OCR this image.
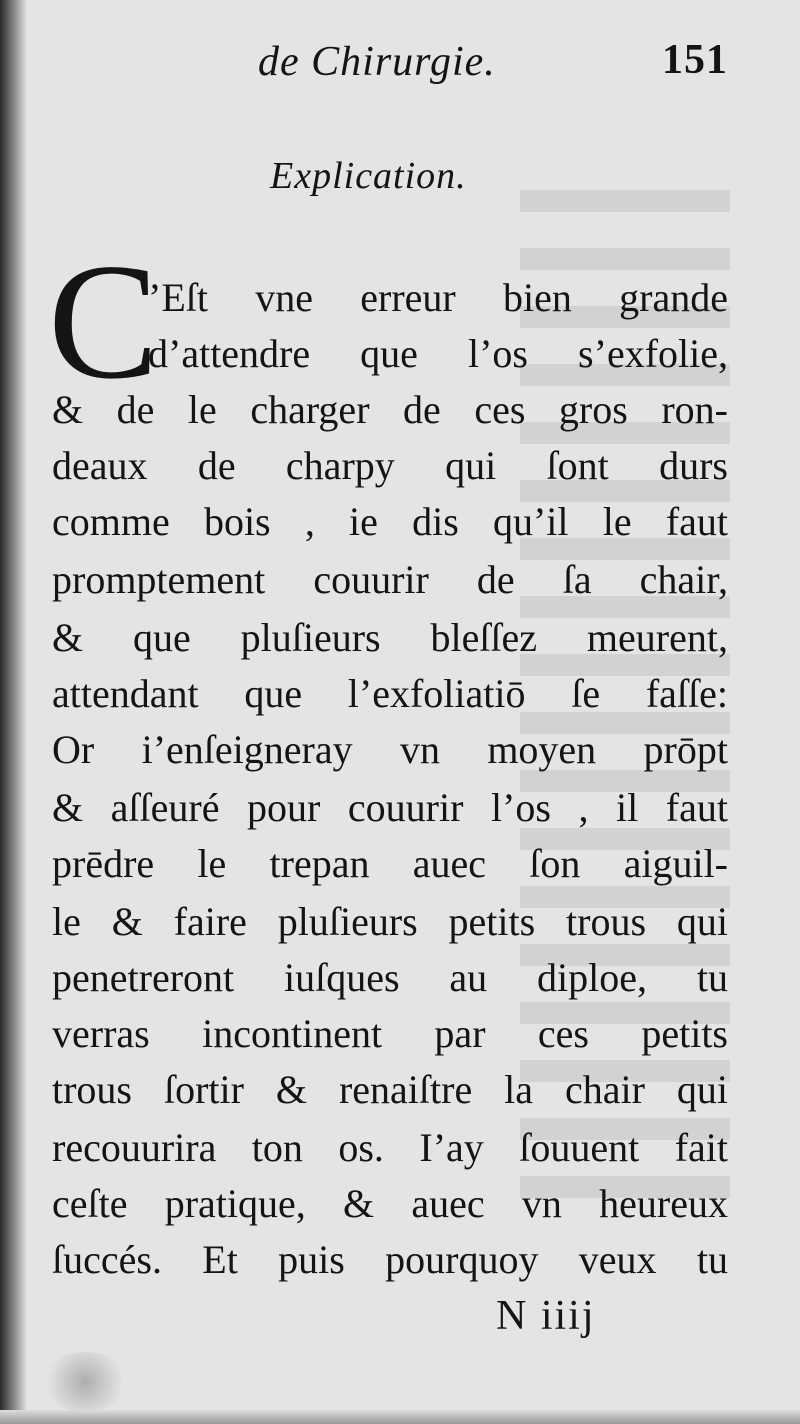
de Chirurgie.	151
Explication.
C
’Eſt vne erreur bien grande
d’attendre que l’os s’exfolie,
& de le charger de ces gros ron-
deaux de charpy qui ſont durs
comme bois , ie dis qu’il le faut
promptement couurir de ſa chair,
& que pluſieurs bleſſez meurent,
attendant que l’exfoliatiō ſe faſſe:
Or i’enſeigneray vn moyen prōpt
& aſſeuré pour couurir l’os , il faut
prēdre le trepan auec ſon aiguil-
le & faire pluſieurs petits trous qui
penetreront iuſques au diploe, tu
verras incontinent par ces petits
trous ſortir & renaiſtre la chair qui
recouurira ton os. I’ay ſouuent fait
ceſte pratique, & auec vn heureux
ſuccés. Et puis pourquoy veux tu
N iiij
